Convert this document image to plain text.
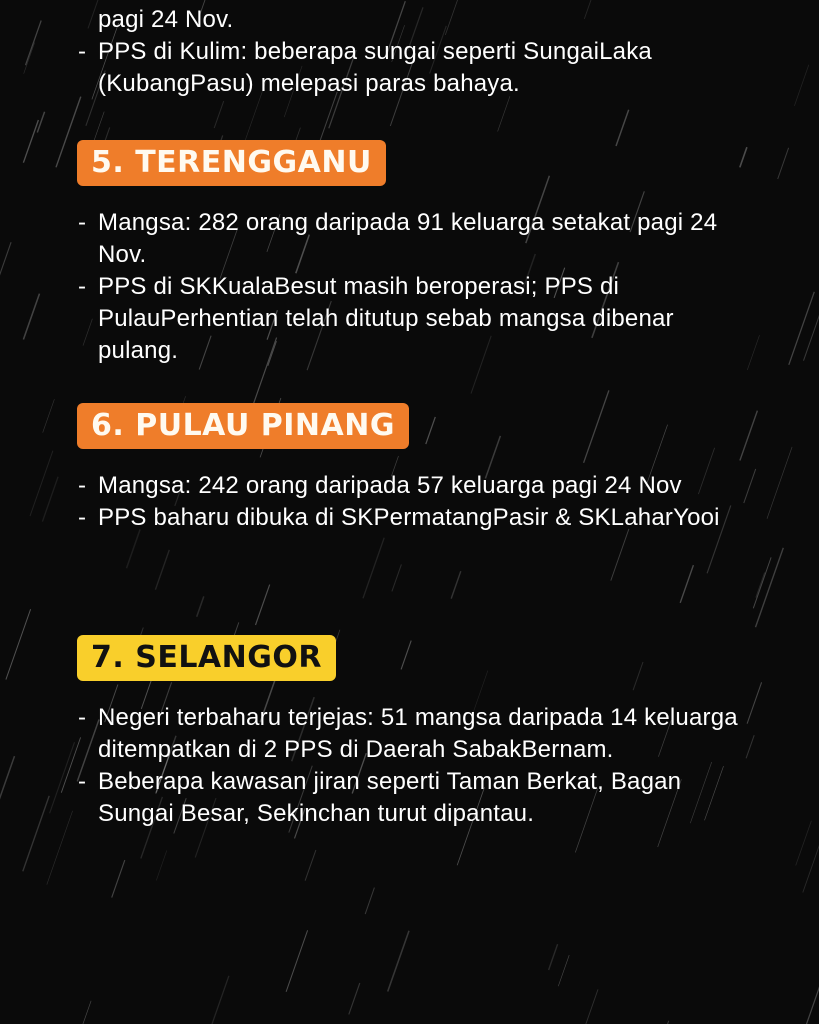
pagi 24 Nov.
- PPS di Kulim: beberapa sungai seperti SungaiLaka (KubangPasu) melepasi paras bahaya.
5. TERENGGANU
- Mangsa: 282 orang daripada 91 keluarga setakat pagi 24 Nov.
- PPS di SKKualaBesut masih beroperasi; PPS di PulauPerhentian telah ditutup sebab mangsa dibenar pulang.
6. PULAU PINANG
- Mangsa: 242 orang daripada 57 keluarga pagi 24 Nov
- PPS baharu dibuka di SKPermatangPasir & SKLaharYooi
7. SELANGOR
- Negeri terbaharu terjejas: 51 mangsa daripada 14 keluarga ditempatkan di 2 PPS di Daerah SabakBernam.
- Beberapa kawasan jiran seperti Taman Berkat, Bagan Sungai Besar, Sekinchan turut dipantau.
